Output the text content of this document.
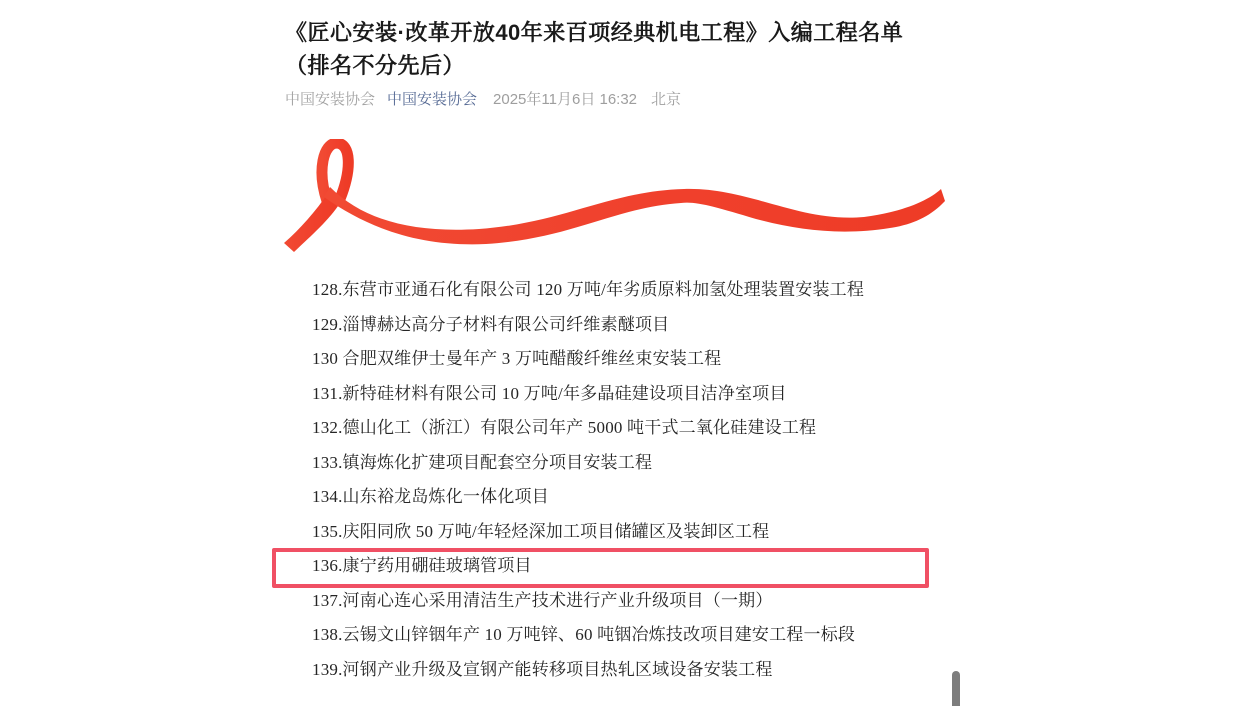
《匠心安装·改革开放40年来百项经典机电工程》入编工程名单
（排名不分先后）
中国安装协会 中国安装协会 2025年11月6日 16:32 北京
128.东营市亚通石化有限公司 120 万吨/年劣质原料加氢处理装置安装工程
129.淄博赫达高分子材料有限公司纤维素醚项目
130 合肥双维伊士曼年产 3 万吨醋酸纤维丝束安装工程
131.新特硅材料有限公司 10 万吨/年多晶硅建设项目洁净室项目
132.德山化工（浙江）有限公司年产 5000 吨干式二氧化硅建设工程
133.镇海炼化扩建项目配套空分项目安装工程
134.山东裕龙岛炼化一体化项目
135.庆阳同欣 50 万吨/年轻烃深加工项目储罐区及装卸区工程
136.康宁药用硼硅玻璃管项目
137.河南心连心采用清洁生产技术进行产业升级项目（一期）
138.云锡文山锌铟年产 10 万吨锌、60 吨铟冶炼技改项目建安工程一标段
139.河钢产业升级及宣钢产能转移项目热轧区域设备安装工程
